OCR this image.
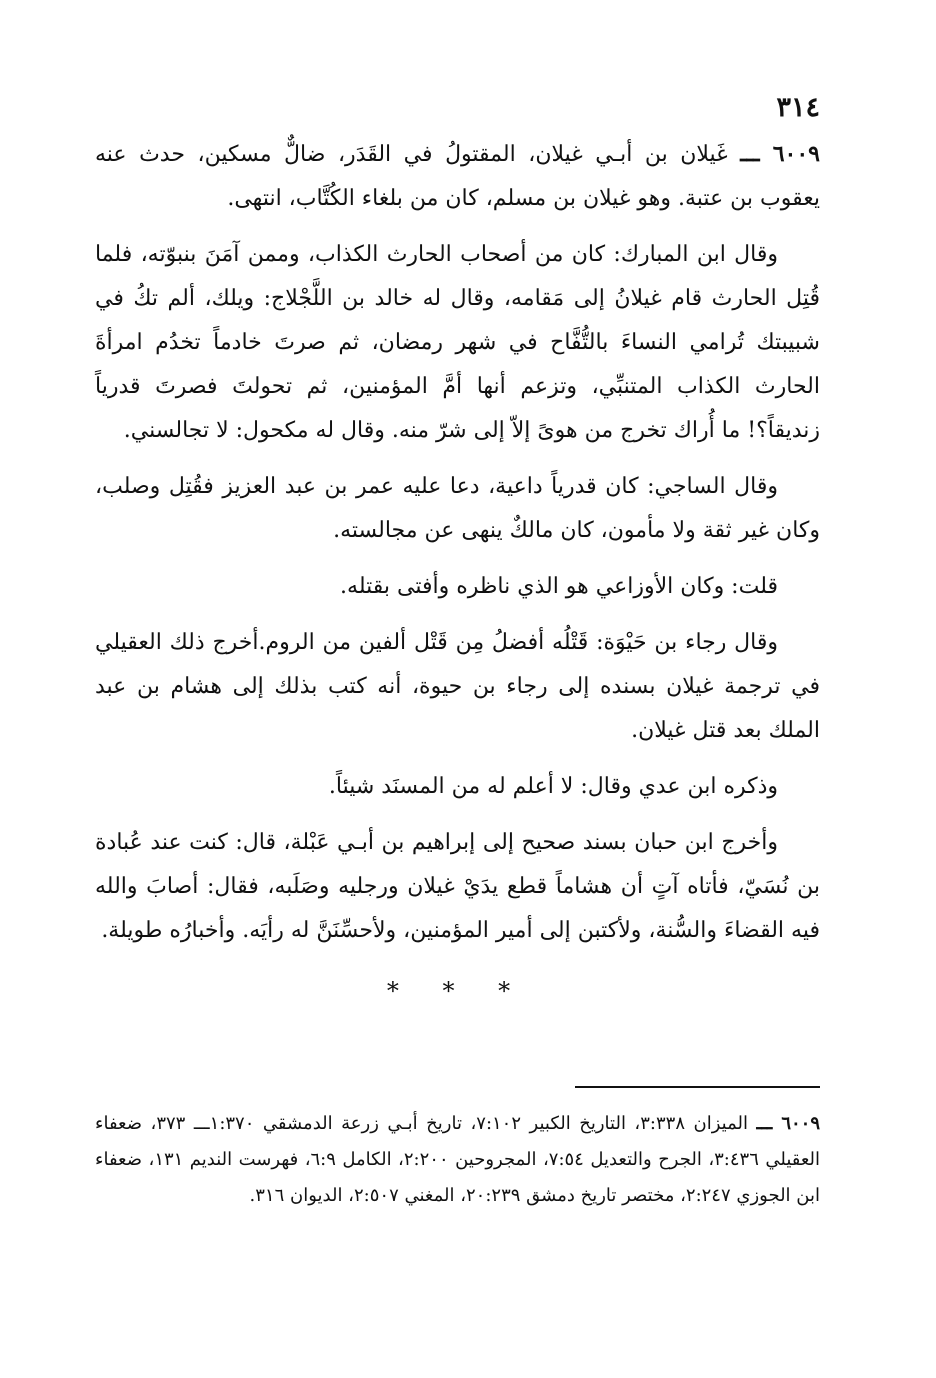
٣١٤

٦٠٠٩ ـــ غَيلان بن أبـي غيلان، المقتولُ في القَدَر، ضالٌّ مسكين، حدث عنه يعقوب بن عتبة. وهو غيلان بن مسلم، كان من بلغاء الكُتَّاب، انتهى.

وقال ابن المبارك: كان من أصحاب الحارث الكذاب، وممن آمَنَ بنبوّته، فلما قُتِل الحارث قام غيلانُ إلى مَقامه، وقال له خالد بن اللَّجْلاج: ويلك، ألم تكُ في شبيبتك تُرامي النساءَ بالتُّفَّاح في شهر رمضان، ثم صرتَ خادماً تخدُم امرأةَ الحارث الكذاب المتنبِّي، وتزعم أنها أمَّ المؤمنين، ثم تحولتَ فصرتَ قدرياً زنديقاً؟! ما أُراك تخرج من هوىً إلاّ إلى شرّ منه. وقال له مكحول: لا تجالسني.

وقال الساجي: كان قدرياً داعية، دعا عليه عمر بن عبد العزيز فقُتِل وصلب، وكان غير ثقة ولا مأمون، كان مالكٌ ينهى عن مجالسته.

قلت: وكان الأوزاعي هو الذي ناظره وأفتى بقتله.

وقال رجاء بن حَيْوَة: قَتْلُه أفضلُ مِن قَتْل ألفين من الروم.أخرج ذلك العقيلي في ترجمة غيلان بسنده إلى رجاء بن حيوة، أنه كتب بذلك إلى هشام بن عبد الملك بعد قتل غيلان.

وذكره ابن عدي وقال: لا أعلم له من المسنَد شيئاً.

وأخرج ابن حبان بسند صحيح إلى إبراهيم بن أبـي عَبْلة، قال: كنت عند عُبادة بن نُسَيّ، فأتاه آتٍ أن هشاماً قطع يدَيْ غيلان ورجليه وصَلَبه، فقال: أصابَ والله فيه القضاءَ والسُّنة، ولأكتبن إلى أمير المؤمنين، ولأحسِّنَنَّ له رأيَه. وأخبارُه طويلة.

* * *
٦٠٠٩ ـــ الميزان ٣:٣٣٨، التاريخ الكبير ٧:١٠٢، تاريخ أبـي زرعة الدمشقي ١:٣٧٠ـــ ٣٧٣، ضعفاء العقيلي ٣:٤٣٦، الجرح والتعديل ٧:٥٤، المجروحين ٢:٢٠٠، الكامل ٦:٩، فهرست النديم ١٣١، ضعفاء ابن الجوزي ٢:٢٤٧، مختصر تاريخ دمشق ٢٠:٢٣٩، المغني ٢:٥٠٧، الديوان ٣١٦.
